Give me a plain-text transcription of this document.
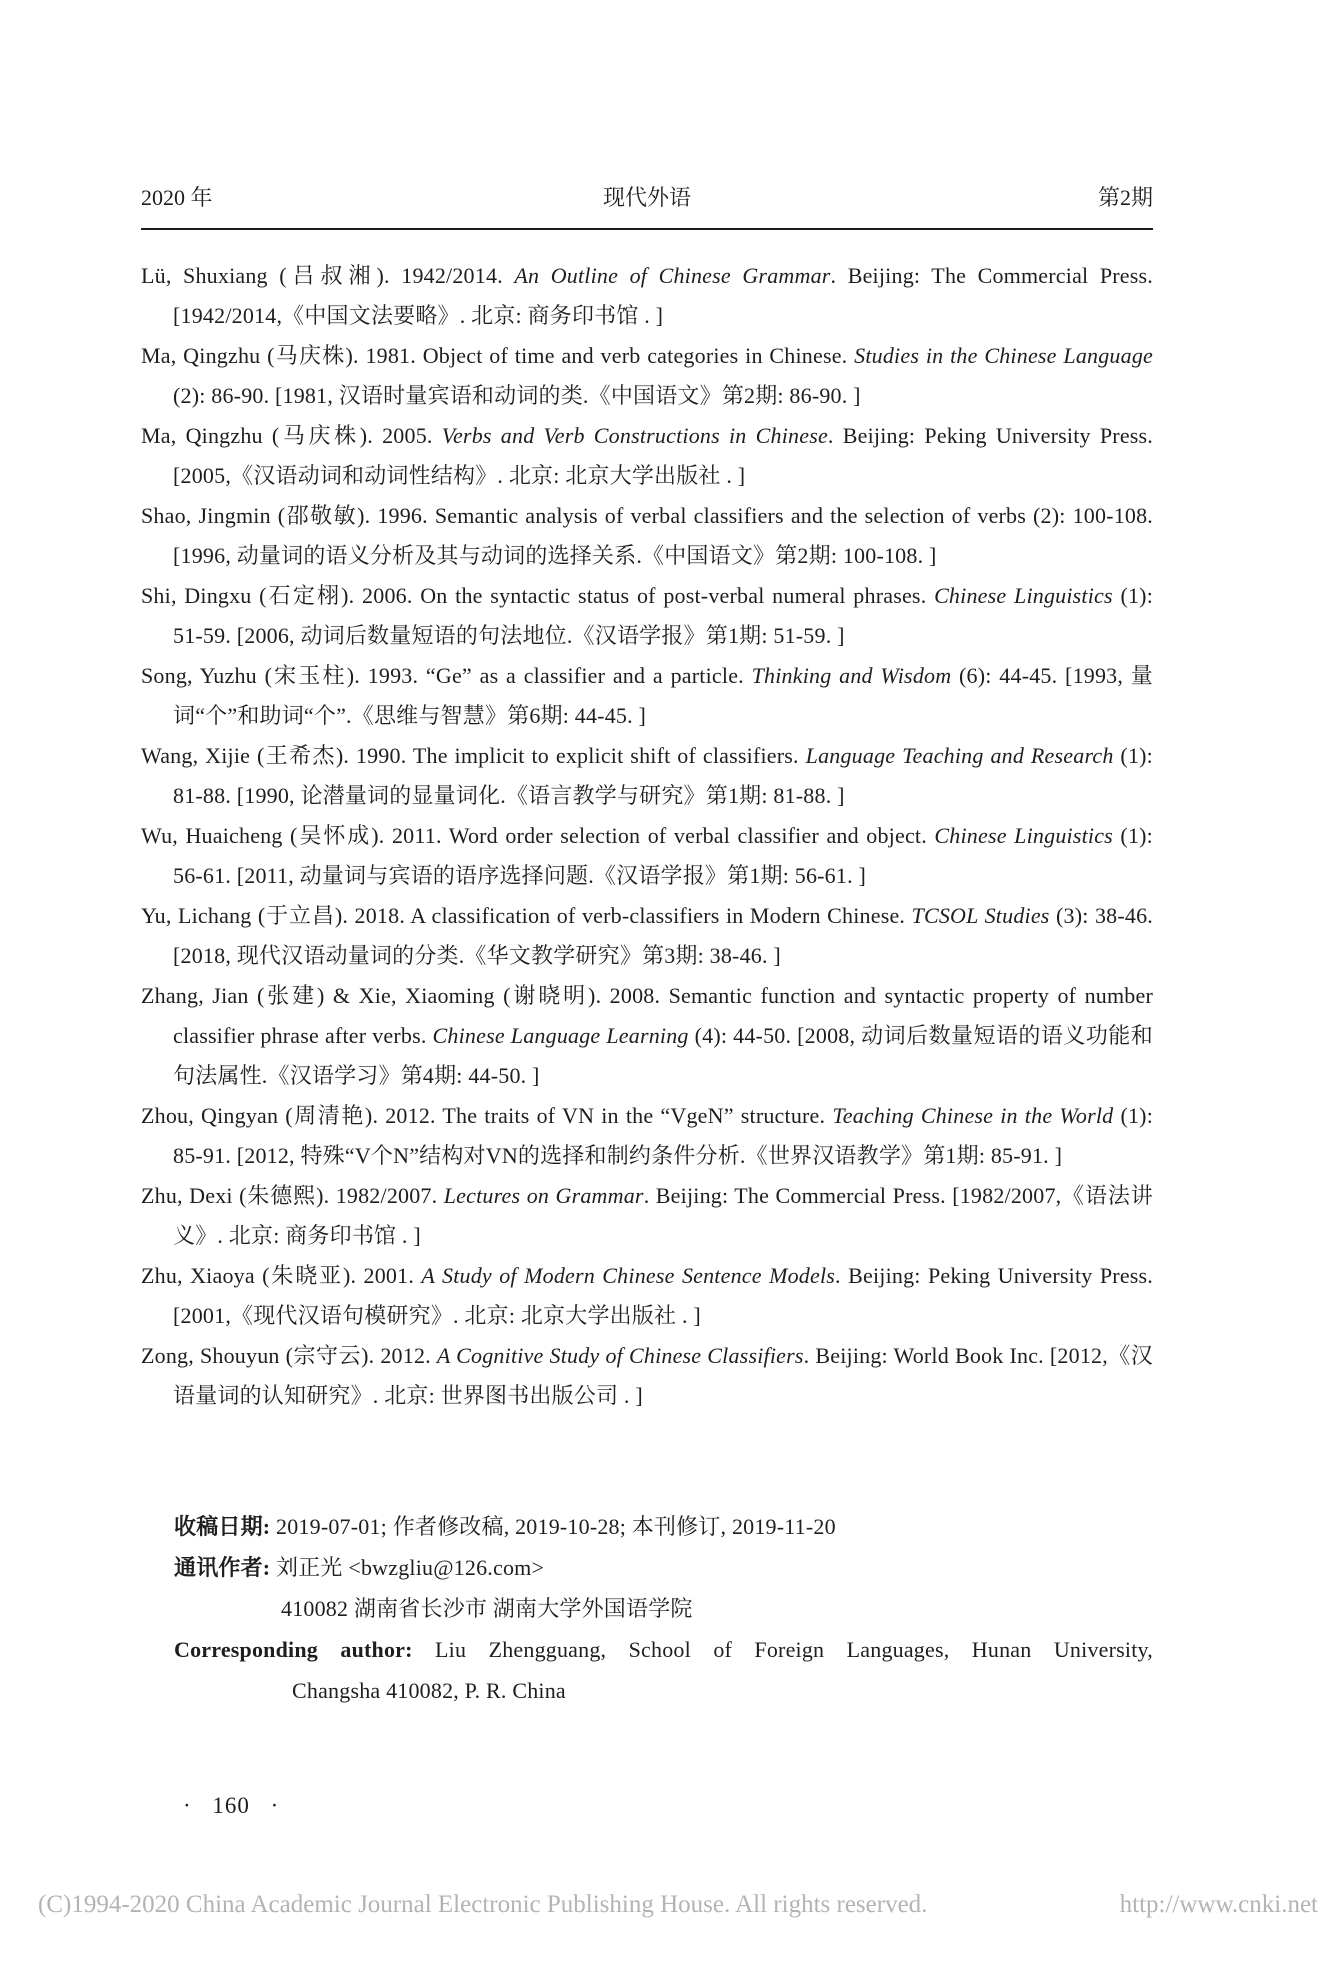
2020 年	现代外语	第2期

Lü, Shuxiang (吕叔湘). 1942/2014. An Outline of Chinese Grammar. Beijing: The Commercial Press. [1942/2014,《中国文法要略》. 北京: 商务印书馆 . ]

Ma, Qingzhu (马庆株). 1981. Object of time and verb categories in Chinese. Studies in the Chinese Language (2): 86-90. [1981, 汉语时量宾语和动词的类.《中国语文》第2期: 86-90. ]

Ma, Qingzhu (马庆株). 2005. Verbs and Verb Constructions in Chinese. Beijing: Peking University Press. [2005,《汉语动词和动词性结构》. 北京: 北京大学出版社 . ]

Shao, Jingmin (邵敬敏). 1996. Semantic analysis of verbal classifiers and the selection of verbs (2): 100-108. [1996, 动量词的语义分析及其与动词的选择关系.《中国语文》第2期: 100-108. ]

Shi, Dingxu (石定栩). 2006. On the syntactic status of post-verbal numeral phrases. Chinese Linguistics (1): 51-59. [2006, 动词后数量短语的句法地位.《汉语学报》第1期: 51-59. ]

Song, Yuzhu (宋玉柱). 1993. “Ge” as a classifier and a particle. Thinking and Wisdom (6): 44-45. [1993, 量词“个”和助词“个”.《思维与智慧》第6期: 44-45. ]

Wang, Xijie (王希杰). 1990. The implicit to explicit shift of classifiers. Language Teaching and Research (1): 81-88. [1990, 论潜量词的显量词化.《语言教学与研究》第1期: 81-88. ]

Wu, Huaicheng (吴怀成). 2011. Word order selection of verbal classifier and object. Chinese Linguistics (1): 56-61. [2011, 动量词与宾语的语序选择问题.《汉语学报》第1期: 56-61. ]

Yu, Lichang (于立昌). 2018. A classification of verb-classifiers in Modern Chinese. TCSOL Studies (3): 38-46. [2018, 现代汉语动量词的分类.《华文教学研究》第3期: 38-46. ]

Zhang, Jian (张建) & Xie, Xiaoming (谢晓明). 2008. Semantic function and syntactic property of number classifier phrase after verbs. Chinese Language Learning (4): 44-50. [2008, 动词后数量短语的语义功能和句法属性.《汉语学习》第4期: 44-50. ]

Zhou, Qingyan (周清艳). 2012. The traits of VN in the “VgeN” structure. Teaching Chinese in the World (1): 85-91. [2012, 特殊“V个N”结构对VN的选择和制约条件分析.《世界汉语教学》第1期: 85-91. ]

Zhu, Dexi (朱德熙). 1982/2007. Lectures on Grammar. Beijing: The Commercial Press. [1982/2007,《语法讲义》. 北京: 商务印书馆 . ]

Zhu, Xiaoya (朱晓亚). 2001. A Study of Modern Chinese Sentence Models. Beijing: Peking University Press. [2001,《现代汉语句模研究》. 北京: 北京大学出版社 . ]

Zong, Shouyun (宗守云). 2012. A Cognitive Study of Chinese Classifiers. Beijing: World Book Inc. [2012,《汉语量词的认知研究》. 北京: 世界图书出版公司 . ]

收稿日期: 2019-07-01; 作者修改稿, 2019-10-28; 本刊修订, 2019-11-20

通讯作者: 刘正光 <bwzgliu@126.com>

410082 湖南省长沙市 湖南大学外国语学院

Corresponding author: Liu Zhengguang, School of Foreign Languages, Hunan University,

Changsha 410082, P. R. China

· 160 ·
(C)1994-2020 China Academic Journal Electronic Publishing House. All rights reserved.	http://www.cnki.net
